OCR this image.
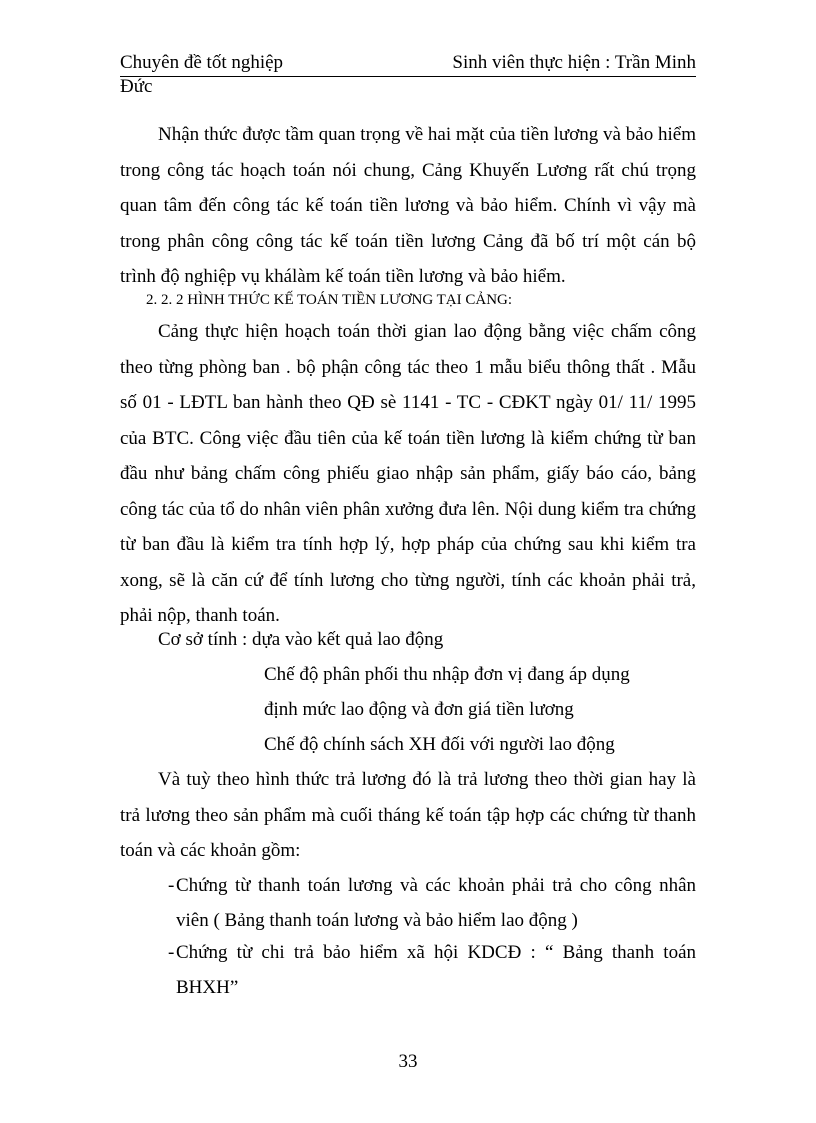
Chuyên đề tốt nghiệp	Sinh viên thực hiện : Trần Minh
Đức

Nhận thức được tầm quan trọng về hai mặt của tiền lương và bảo hiểm trong công tác hoạch toán nói chung, Cảng Khuyến Lương rất chú trọng quan tâm đến công tác kế toán tiền lương và bảo hiểm. Chính vì vậy mà trong phân công công tác kế toán tiền lương Cảng đã bố trí một cán bộ trình độ nghiệp vụ khálàm kế toán tiền lương và bảo hiểm.

2. 2. 2 HÌNH THỨC KẾ TOÁN TIỀN LƯƠNG TẠI CẢNG:

Cảng thực hiện hoạch toán thời gian lao động bằng việc chấm công theo từng phòng ban . bộ phận công tác theo 1 mẫu biểu thông thất . Mẫu số 01 - LĐTL ban hành theo QĐ sè 1141 - TC - CĐKT ngày 01/ 11/ 1995 của BTC. Công việc đầu tiên của kế toán tiền lương là kiểm chứng từ ban đầu như bảng chấm công phiếu giao nhập sản phẩm, giấy báo cáo, bảng công tác của tổ do nhân viên phân xưởng đưa lên. Nội dung kiểm tra chứng từ ban đầu là kiểm tra tính hợp lý, hợp pháp của chứng sau khi kiểm tra xong, sẽ là căn cứ để tính lương cho từng người, tính các khoản phải trả, phải nộp, thanh toán.

Cơ sở tính : dựa vào kết quả lao động
Chế độ phân phối thu nhập đơn vị đang áp dụng
định mức lao động và đơn giá tiền lương
Chế độ chính sách XH đối với người lao động

Và tuỳ theo hình thức trả lương đó là trả lương theo thời gian hay là trả lương theo sản phẩm mà cuối tháng kế toán tập hợp các chứng từ thanh toán và các khoản gồm:

- Chứng từ thanh toán lương và các khoản phải trả cho công nhân viên ( Bảng thanh toán lương và bảo hiểm lao động )
- Chứng từ chi trả bảo hiểm xã hội KDCĐ : “ Bảng thanh toán BHXH”
33
